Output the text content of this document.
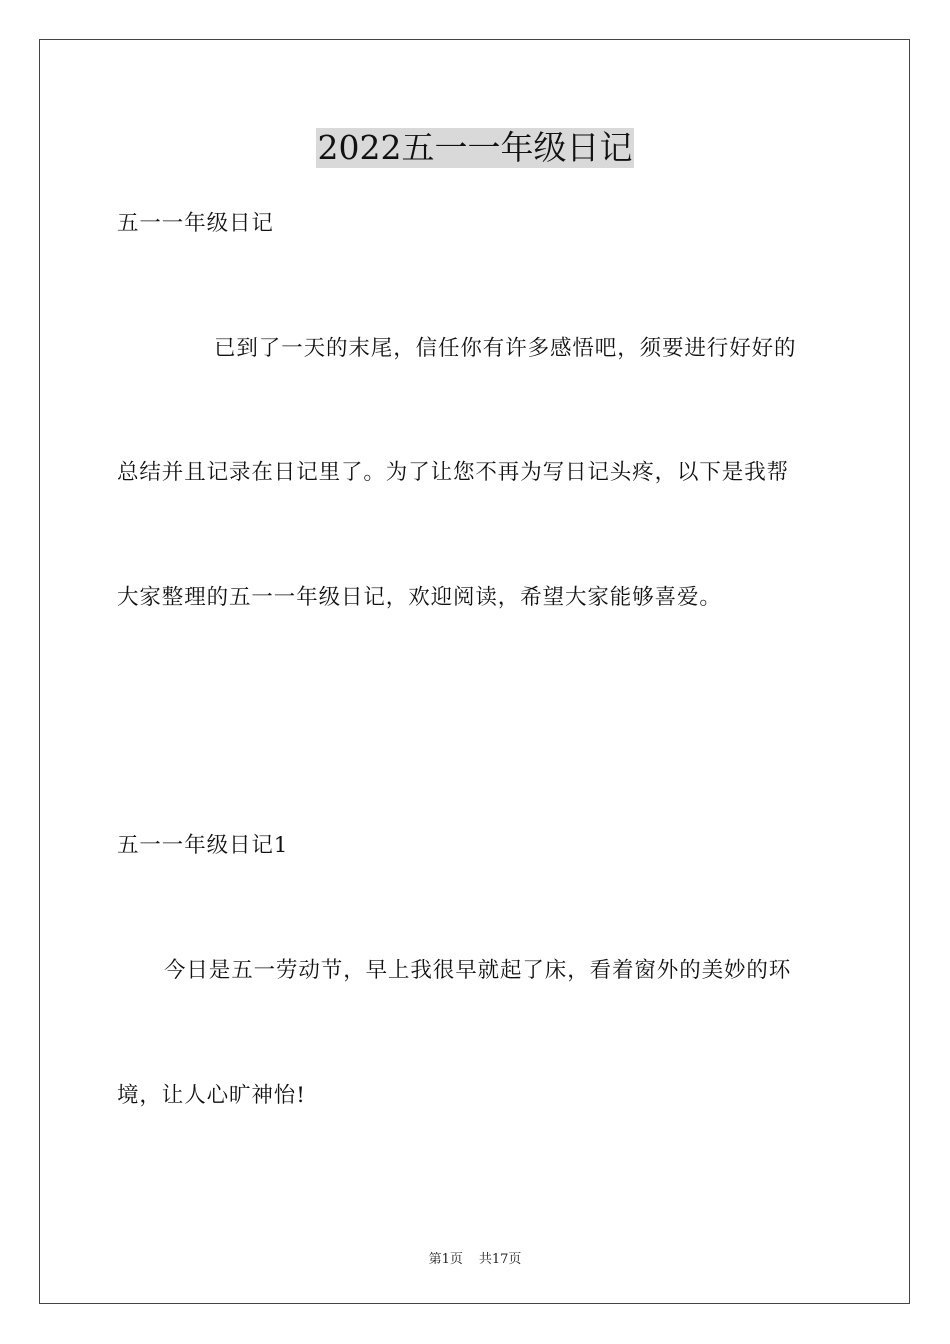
2022五一一年级日记
五一一年级日记
已到了一天的末尾，信任你有许多感悟吧，须要进行好好的
总结并且记录在日记里了。为了让您不再为写日记头疼，以下是我帮
大家整理的五一一年级日记，欢迎阅读，希望大家能够喜爱。
五一一年级日记1
今日是五一劳动节，早上我很早就起了床，看着窗外的美妙的环
境，让人心旷神怡!
第1页 共17页
